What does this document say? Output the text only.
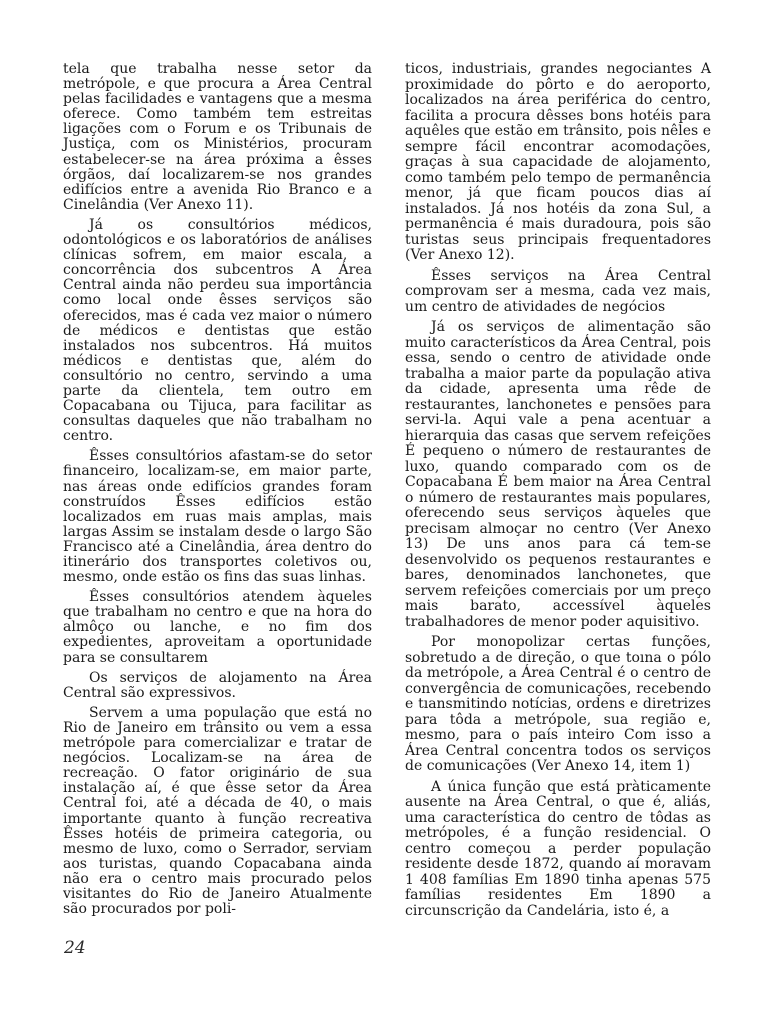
tela que trabalha nesse setor da metrópole, e que procura a Área Central pelas facilidades e vantagens que a mesma oferece. Como também tem estreitas ligações com o Forum e os Tribunais de Justiça, com os Ministérios, procuram estabelecer-se na área próxima a êsses órgãos, daí localizarem-se nos grandes edifícios entre a avenida Rio Branco e a Cinelândia (Ver Anexo 11).

Já os consultórios médicos, odontológicos e os laboratórios de análises clínicas sofrem, em maior escala, a concorrência dos subcentros A Área Central ainda não perdeu sua importância como local onde êsses serviços são oferecidos, mas é cada vez maior o número de médicos e dentistas que estão instalados nos subcentros. Há muitos médicos e dentistas que, além do consultório no centro, servindo a uma parte da clientela, tem outro em Copacabana ou Tijuca, para facilitar as consultas daqueles que não trabalham no centro.

Êsses consultórios afastam-se do setor financeiro, localizam-se, em maior parte, nas áreas onde edifícios grandes foram construídos Êsses edifícios estão localizados em ruas mais amplas, mais largas Assim se instalam desde o largo São Francisco até a Cinelândia, área dentro do itinerário dos transportes coletivos ou, mesmo, onde estão os fins das suas linhas.

Êsses consultórios atendem àqueles que trabalham no centro e que na hora do almôço ou lanche, e no fim dos expedientes, aproveitam a oportunidade para se consultarem

Os serviços de alojamento na Área Central são expressivos.

Servem a uma população que está no Rio de Janeiro em trânsito ou vem a essa metrópole para comercializar e tratar de negócios. Localizam-se na área de recreação. O fator originário de sua instalação aí, é que êsse setor da Área Central foi, até a década de 40, o mais importante quanto à função recreativa Êsses hotéis de primeira categoria, ou mesmo de luxo, como o Serrador, serviam aos turistas, quando Copacabana ainda não era o centro mais procurado pelos visitantes do Rio de Janeiro Atualmente são procurados por poli-

ticos, industriais, grandes negociantes A proximidade do pôrto e do aeroporto, localizados na área periférica do centro, facilita a procura dêsses bons hotéis para aquêles que estão em trânsito, pois nêles e sempre fácil encontrar acomodações, graças à sua capacidade de alojamento, como também pelo tempo de permanência menor, já que ficam poucos dias aí instalados. Já nos hotéis da zona Sul, a permanência é mais duradoura, pois são turistas seus principais frequentadores (Ver Anexo 12).

Êsses serviços na Área Central comprovam ser a mesma, cada vez mais, um centro de atividades de negócios

Já os serviços de alimentação são muito característicos da Área Central, pois essa, sendo o centro de atividade onde trabalha a maior parte da população ativa da cidade, apresenta uma rêde de restaurantes, lanchonetes e pensões para servi-la. Aqui vale a pena acentuar a hierarquia das casas que servem refeições É pequeno o número de restaurantes de luxo, quando comparado com os de Copacabana É bem maior na Área Central o número de restaurantes mais populares, oferecendo seus serviços àqueles que precisam almoçar no centro (Ver Anexo 13) De uns anos para cá tem-se desenvolvido os pequenos restaurantes e bares, denominados lanchonetes, que servem refeições comerciais por um preço mais barato, accessível àqueles trabalhadores de menor poder aquisitivo.

Por monopolizar certas funções, sobretudo a de direção, o que toına o pólo da metrópole, a Área Central é o centro de convergência de comunicações, recebendo e tıansmitindo notícias, ordens e diretrizes para tôda a metrópole, sua região e, mesmo, para o país inteiro Com isso a Área Central concentra todos os serviços de comunicações (Ver Anexo 14, item 1)

A única função que está pràticamente ausente na Área Central, o que é, aliás, uma característica do centro de tôdas as metrópoles, é a função residencial. O centro começou a perder população residente desde 1872, quando aí moravam 1 408 famílias Em 1890 tinha apenas 575 famílias residentes Em 1890 a circunscrição da Candelária, isto é, a

24
